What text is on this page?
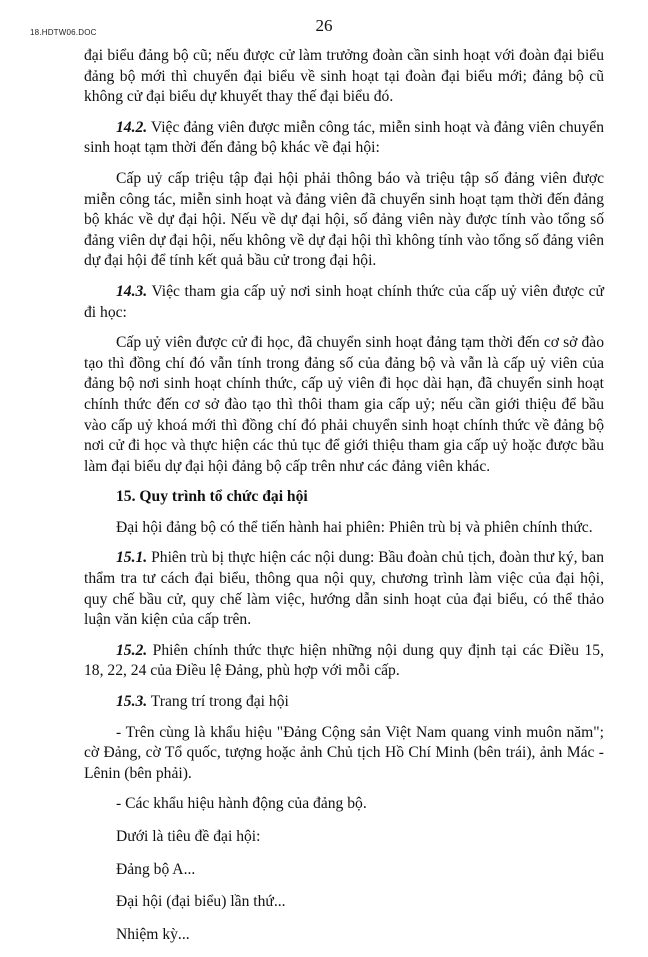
18.HDTW06.DOC	26

đại biểu đảng bộ cũ; nếu được cử làm trưởng đoàn cần sinh hoạt với đoàn đại biểu đảng bộ mới thì chuyển đại biểu về sinh hoạt tại đoàn đại biểu mới; đảng bộ cũ không cử đại biểu dự khuyết thay thế đại biểu đó.

14.2. Việc đảng viên được miễn công tác, miễn sinh hoạt và đảng viên chuyển sinh hoạt tạm thời đến đảng bộ khác về đại hội:

Cấp uỷ cấp triệu tập đại hội phải thông báo và triệu tập số đảng viên được miễn công tác, miễn sinh hoạt và đảng viên đã chuyển sinh hoạt tạm thời đến đảng bộ khác về dự đại hội. Nếu về dự đại hội, số đảng viên này được tính vào tổng số đảng viên dự đại hội, nếu không về dự đại hội thì không tính vào tổng số đảng viên dự đại hội để tính kết quả bầu cử trong đại hội.

14.3. Việc tham gia cấp uỷ nơi sinh hoạt chính thức của cấp uỷ viên được cử đi học:

Cấp uỷ viên được cử đi học, đã chuyển sinh hoạt đảng tạm thời đến cơ sở đào tạo thì đồng chí đó vẫn tính trong đảng số của đảng bộ và vẫn là cấp uỷ viên của đảng bộ nơi sinh hoạt chính thức, cấp uỷ viên đi học dài hạn, đã chuyển sinh hoạt chính thức đến cơ sở đào tạo thì thôi tham gia cấp uỷ; nếu cần giới thiệu để bầu vào cấp uỷ khoá mới thì đồng chí đó phải chuyển sinh hoạt chính thức về đảng bộ nơi cử đi học và thực hiện các thủ tục để giới thiệu tham gia cấp uỷ hoặc được bầu làm đại biểu dự đại hội đảng bộ cấp trên như các đảng viên khác.

15. Quy trình tổ chức đại hội

Đại hội đảng bộ có thể tiến hành hai phiên: Phiên trù bị và phiên chính thức.

15.1. Phiên trù bị thực hiện các nội dung: Bầu đoàn chủ tịch, đoàn thư ký, ban thẩm tra tư cách đại biểu, thông qua nội quy, chương trình làm việc của đại hội, quy chế bầu cử, quy chế làm việc, hướng dẫn sinh hoạt của đại biểu, có thể thảo luận văn kiện của cấp trên.

15.2. Phiên chính thức thực hiện những nội dung quy định tại các Điều 15, 18, 22, 24 của Điều lệ Đảng, phù hợp với mỗi cấp.

15.3. Trang trí trong đại hội

- Trên cùng là khẩu hiệu "Đảng Cộng sản Việt Nam quang vinh muôn năm"; cờ Đảng, cờ Tổ quốc, tượng hoặc ảnh Chủ tịch Hồ Chí Minh (bên trái), ảnh Mác - Lênin (bên phải).

- Các khẩu hiệu hành động của đảng bộ.

Dưới là tiêu đề đại hội:

Đảng bộ A...

Đại hội (đại biểu) lần thứ...

Nhiệm kỳ...
